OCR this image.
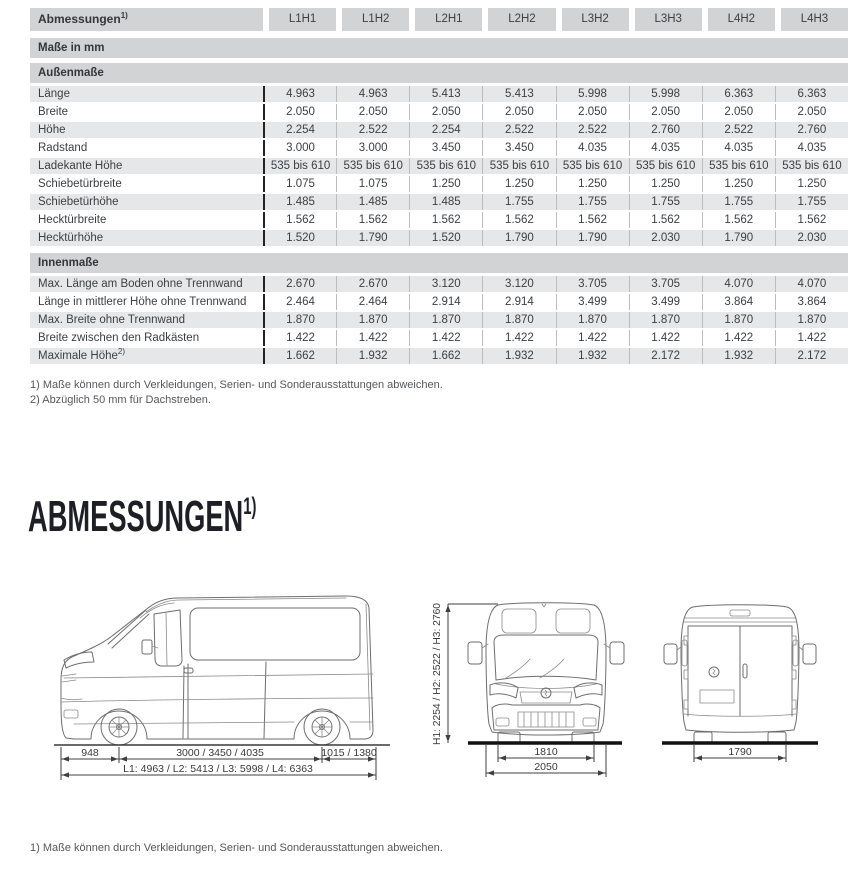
Abmessungen$^{1)}$	L1H1	L1H2	L2H1	L2H2	L3H2	L3H3	L4H2	L4H3
Maße in mm
Außenmaße
Länge	4.963	4.963	5.413	5.413	5.998	5.998	6.363	6.363
Breite	2.050	2.050	2.050	2.050	2.050	2.050	2.050	2.050
Höhe	2.254	2.522	2.254	2.522	2.522	2.760	2.522	2.760
Radstand	3.000	3.000	3.450	3.450	4.035	4.035	4.035	4.035
Ladekante Höhe	535 bis 610	535 bis 610	535 bis 610	535 bis 610	535 bis 610	535 bis 610	535 bis 610	535 bis 610
Schiebetürbreite	1.075	1.075	1.250	1.250	1.250	1.250	1.250	1.250
Schiebetürhöhe	1.485	1.485	1.485	1.755	1.755	1.755	1.755	1.755
Hecktürbreite	1.562	1.562	1.562	1.562	1.562	1.562	1.562	1.562
Hecktürhöhe	1.520	1.790	1.520	1.790	1.790	2.030	1.790	2.030
Innenmaße
Max. Länge am Boden ohne Trennwand	2.670	2.670	3.120	3.120	3.705	3.705	4.070	4.070
Länge in mittlerer Höhe ohne Trennwand	2.464	2.464	2.914	2.914	3.499	3.499	3.864	3.864
Max. Breite ohne Trennwand	1.870	1.870	1.870	1.870	1.870	1.870	1.870	1.870
Breite zwischen den Radkästen	1.422	1.422	1.422	1.422	1.422	1.422	1.422	1.422
Maximale Höhe$^{2)}$	1.662	1.932	1.662	1.932	1.932	2.172	1.932	2.172
1) Maße können durch Verkleidungen, Serien- und Sonderausstattungen abweichen.
2) Abzüglich 50 mm für Dachstreben.
ABMESSUNGEN$^{1)}$
948	3000 / 3450 / 4035	1015 / 1380
L1: 4963 / L2: 5413 / L3: 5998 / L4: 6363
H1: 2254 / H2: 2522 / H3: 2760
1810
2050
1790
1) Maße können durch Verkleidungen, Serien- und Sonderausstattungen abweichen.
